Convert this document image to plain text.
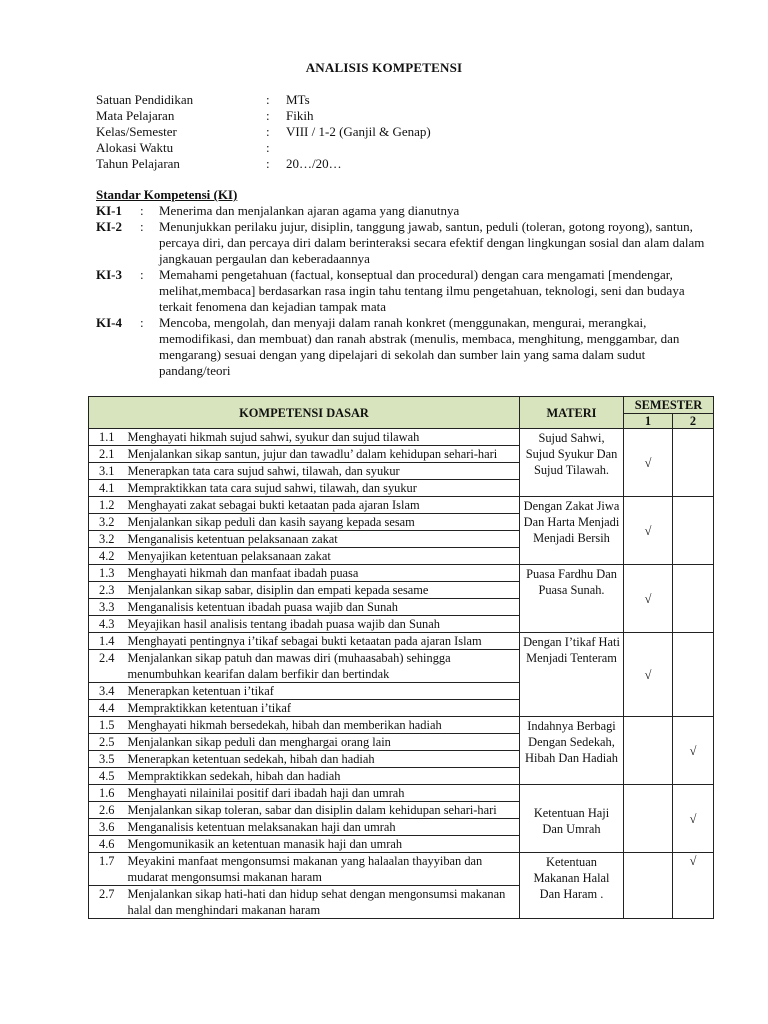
ANALISIS KOMPETENSI
Satuan Pendidikan	:	MTs
Mata Pelajaran	:	Fikih
Kelas/Semester	:	VIII / 1-2 (Ganjil & Genap)
Alokasi Waktu	:	
Tahun Pelajaran	:	20…/20…
Standar Kompetensi (KI)
KI-1 : Menerima dan menjalankan ajaran agama yang dianutnya
KI-2 : Menunjukkan perilaku jujur, disiplin, tanggung jawab, santun, peduli (toleran, gotong royong), santun, percaya diri, dan percaya diri dalam berinteraksi secara efektif dengan lingkungan sosial dan alam dalam jangkauan pergaulan dan keberadaannya
KI-3 : Memahami pengetahuan (factual, konseptual dan procedural) dengan cara mengamati [mendengar, melihat,membaca] berdasarkan rasa ingin tahu tentang ilmu pengetahuan, teknologi, seni dan budaya terkait fenomena dan kejadian tampak mata
KI-4 : Mencoba, mengolah, dan menyaji dalam ranah konkret (menggunakan, mengurai, merangkai, memodifikasi, dan membuat) dan ranah abstrak (menulis, membaca, menghitung, menggambar, dan mengarang) sesuai dengan yang dipelajari di sekolah dan sumber lain yang sama dalam sudut pandang/teori
KOMPETENSI DASAR		MATERI	SEMESTER	
			1	2
1.1	Menghayati hikmah sujud sahwi, syukur dan sujud tilawah	Sujud Sahwi, Sujud Syukur Dan Sujud Tilawah.	√	
2.1	Menjalankan sikap santun, jujur dan tawadlu’ dalam kehidupan sehari-hari			
3.1	Menerapkan tata cara sujud sahwi, tilawah, dan syukur			
4.1	Mempraktikkan tata cara sujud sahwi, tilawah, dan syukur			
1.2	Menghayati zakat sebagai bukti ketaatan pada ajaran Islam	Dengan Zakat Jiwa Dan Harta Menjadi Menjadi Bersih	√	
3.2	Menjalankan sikap peduli dan kasih sayang kepada sesam			
3.2	Menganalisis ketentuan pelaksanaan zakat			
4.2	Menyajikan ketentuan pelaksanaan zakat			
1.3	Menghayati hikmah dan manfaat ibadah puasa	Puasa Fardhu Dan Puasa Sunah.	√	
2.3	Menjalankan sikap sabar, disiplin dan empati kepada sesame			
3.3	Menganalisis ketentuan ibadah puasa wajib dan Sunah			
4.3	Meyajikan hasil analisis tentang ibadah puasa wajib dan Sunah			
1.4	Menghayati pentingnya i’tikaf sebagai bukti ketaatan pada ajaran Islam	Dengan I’tikaf Hati Menjadi Tenteram	√	
2.4	Menjalankan sikap patuh dan mawas diri (muhaasabah) sehingga menumbuhkan kearifan dalam berfikir dan bertindak			
3.4	Menerapkan ketentuan i’tikaf			
4.4	Mempraktikkan ketentuan i’tikaf			
1.5	Menghayati hikmah bersedekah, hibah dan memberikan hadiah	Indahnya Berbagi Dengan Sedekah, Hibah Dan Hadiah		√
2.5	Menjalankan sikap peduli dan menghargai orang lain			
3.5	Menerapkan ketentuan sedekah, hibah dan hadiah			
4.5	Mempraktikkan sedekah, hibah dan hadiah			
1.6	Menghayati nilainilai positif dari ibadah haji dan umrah	Ketentuan Haji Dan Umrah		√
2.6	Menjalankan sikap toleran, sabar dan disiplin dalam kehidupan sehari-hari			
3.6	Menganalisis ketentuan melaksanakan haji dan umrah			
4.6	Mengomunikasik an ketentuan manasik haji dan umrah			
1.7	Meyakini manfaat mengonsumsi makanan yang halaalan thayyiban dan mudarat mengonsumsi makanan haram	Ketentuan Makanan Halal Dan Haram .		√
2.7	Menjalankan sikap hati-hati dan hidup sehat dengan mengonsumsi makanan halal dan menghindari makanan haram			
